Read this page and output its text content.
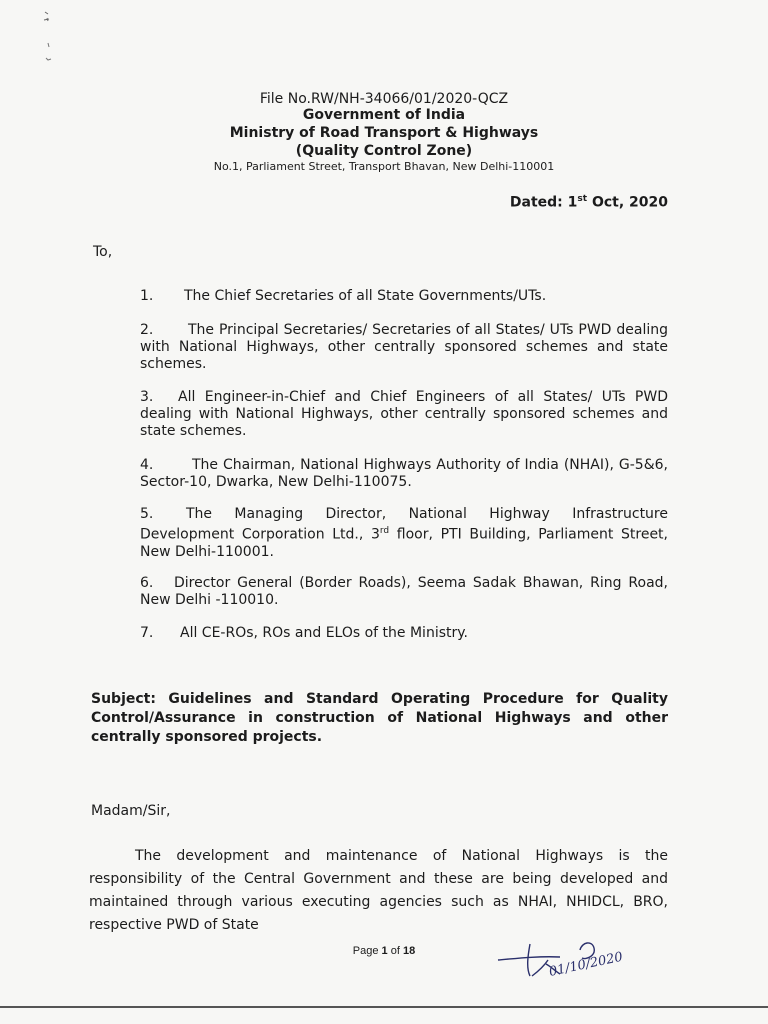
File No.RW/NH-34066/01/2020-QCZ
Government of India
Ministry of Road Transport & Highways
(Quality Control Zone)
No.1, Parliament Street, Transport Bhavan, New Delhi-110001
Dated: 1st Oct, 2020
To,
1. The Chief Secretaries of all State Governments/UTs.
2. The Principal Secretaries/ Secretaries of all States/ UTs PWD dealing with National Highways, other centrally sponsored schemes and state schemes.
3. All Engineer-in-Chief and Chief Engineers of all States/ UTs PWD dealing with National Highways, other centrally sponsored schemes and state schemes.
4.	The Chairman, National Highways Authority of India (NHAI), G-5&6, Sector-10, Dwarka, New Delhi-110075.
5. The Managing Director, National Highway Infrastructure Development Corporation Ltd., 3rd floor, PTI Building, Parliament Street, New Delhi-110001.
6. Director General (Border Roads), Seema Sadak Bhawan, Ring Road, New Delhi -110010.
7. All CE-ROs, ROs and ELOs of the Ministry.
Subject: Guidelines and Standard Operating Procedure for Quality Control/Assurance in construction of National Highways and other centrally sponsored projects.
Madam/Sir,
The development and maintenance of National Highways is the responsibility of the Central Government and these are being developed and maintained through various executing agencies such as NHAI, NHIDCL, BRO, respective PWD of State
Page 1 of 18	01/10/2020
